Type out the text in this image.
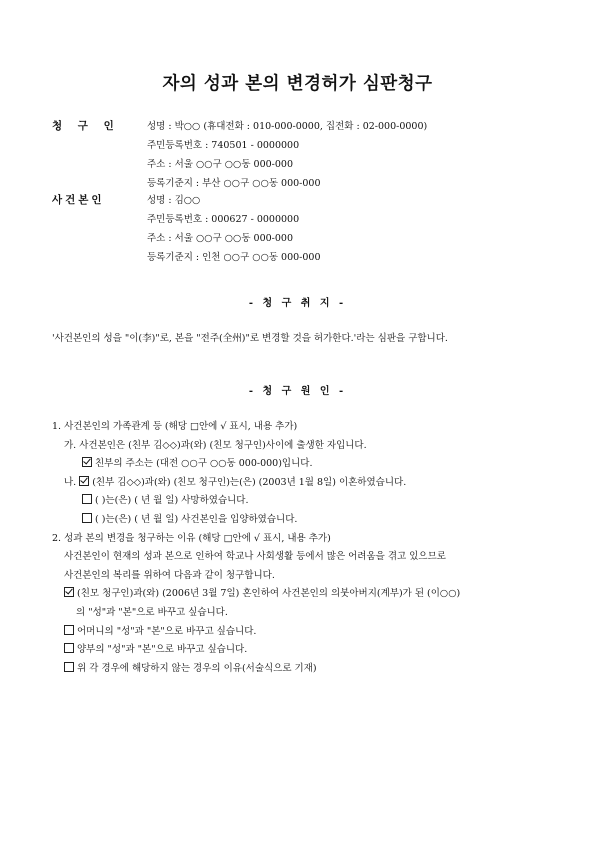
자의 성과 본의 변경허가 심판청구
청 구 인	성명 : 박○○ (휴대전화 : 010-000-0000, 집전화 : 02-000-0000)
주민등록번호 : 740501 - 0000000
주소 : 서울 ○○구 ○○동 000-000
등록기준지 : 부산 ○○구 ○○동 000-000
사건본인	성명 : 김○○
주민등록번호 : 000627 - 0000000
주소 : 서울 ○○구 ○○동 000-000
등록기준지 : 인천 ○○구 ○○동 000-000
- 청 구 취 지 -
'사건본인의 성을 "이(李)"로, 본을 "전주(全州)"로 변경할 것을 허가한다.'라는 심판을 구합니다.
- 청 구 원 인 -
1. 사건본인의 가족관계 등 (해당 □안에 √ 표시, 내용 추가)
가. 사건본인은 (친부 김◇◇)과(와) (친모 청구인)사이에 출생한 자입니다.
친부의 주소는 (대전 ○○구 ○○동 000-000)입니다.
나. (친부 김◇◇)과(와) (친모 청구인)는(은) (2003년 1월 8일) 이혼하였습니다.
( )는(은) ( 년 월 일) 사망하였습니다.
( )는(은) ( 년 월 일) 사건본인을 입양하였습니다.
2. 성과 본의 변경을 청구하는 이유 (해당 □안에 √ 표시, 내용 추가)
사건본인이 현재의 성과 본으로 인하여 학교나 사회생활 등에서 많은 어려움을 겪고 있으므로
사건본인의 복리를 위하여 다음과 같이 청구합니다.
(친모 청구인)과(와) (2006년 3월 7일) 혼인하여 사건본인의 의붓아버지(계부)가 된 (이○○)
의 "성"과 "본"으로 바꾸고 싶습니다.
어머니의 "성"과 "본"으로 바꾸고 싶습니다.
양부의 "성"과 "본"으로 바꾸고 싶습니다.
위 각 경우에 해당하지 않는 경우의 이유(서술식으로 기재)
